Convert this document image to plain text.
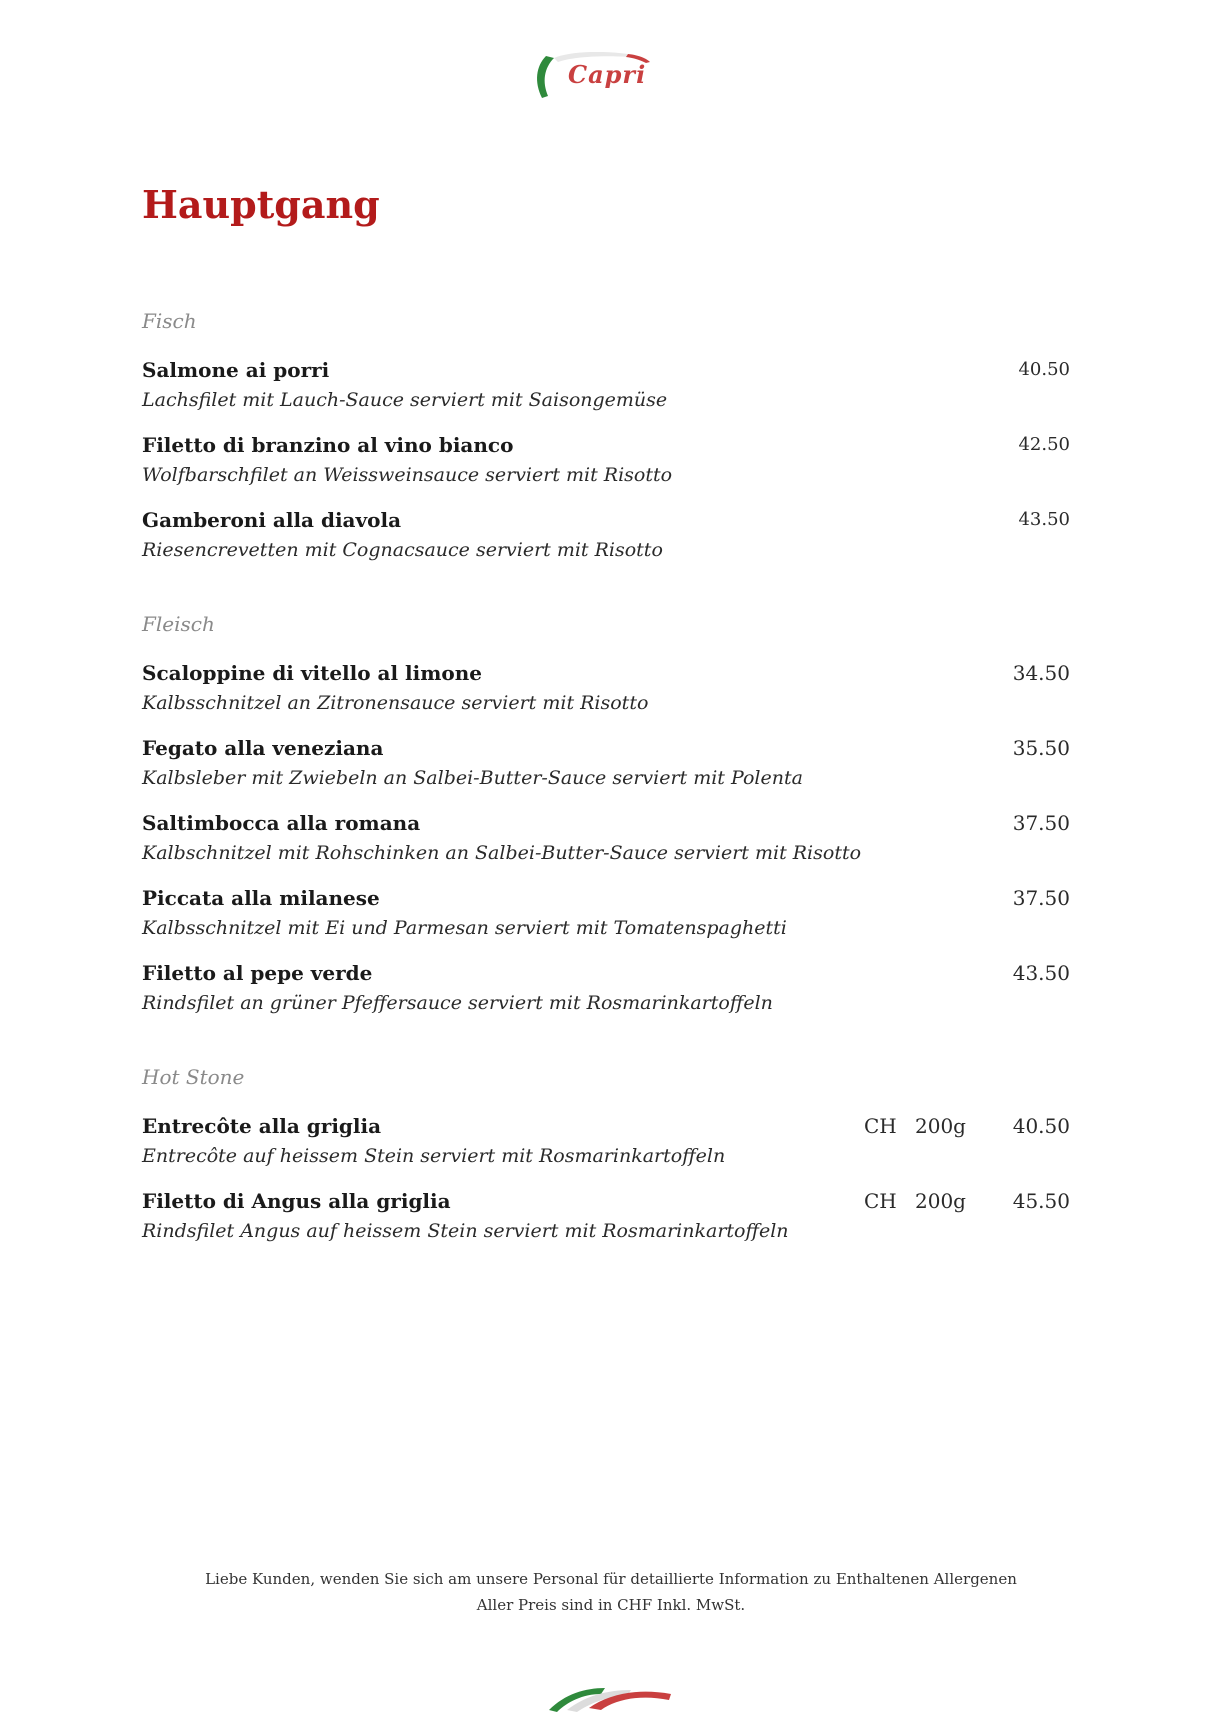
Capri
Hauptgang
Fisch
Salmone ai porri	40.50
Lachsfilet mit Lauch-Sauce serviert mit Saisongemüse
Filetto di branzino al vino bianco	42.50
Wolfbarschfilet an Weissweinsauce serviert mit Risotto
Gamberoni alla diavola	43.50
Riesencrevetten mit Cognacsauce serviert mit Risotto
Fleisch
Scaloppine di vitello al limone	34.50
Kalbsschnitzel an Zitronensauce serviert mit Risotto
Fegato alla veneziana	35.50
Kalbsleber mit Zwiebeln an Salbei-Butter-Sauce serviert mit Polenta
Saltimbocca alla romana	37.50
Kalbschnitzel mit Rohschinken an Salbei-Butter-Sauce serviert mit Risotto
Piccata alla milanese	37.50
Kalbsschnitzel mit Ei und Parmesan serviert mit Tomatenspaghetti
Filetto al pepe verde	43.50
Rindsfilet an grüner Pfeffersauce serviert mit Rosmarinkartoffeln
Hot Stone
Entrecôte alla griglia	CH 200g 40.50
Entrecôte auf heissem Stein serviert mit Rosmarinkartoffeln
Filetto di Angus alla griglia	CH 200g 45.50
Rindsfilet Angus auf heissem Stein serviert mit Rosmarinkartoffeln
Liebe Kunden, wenden Sie sich am unsere Personal für detaillierte Information zu Enthaltenen Allergenen
Aller Preis sind in CHF Inkl. MwSt.
